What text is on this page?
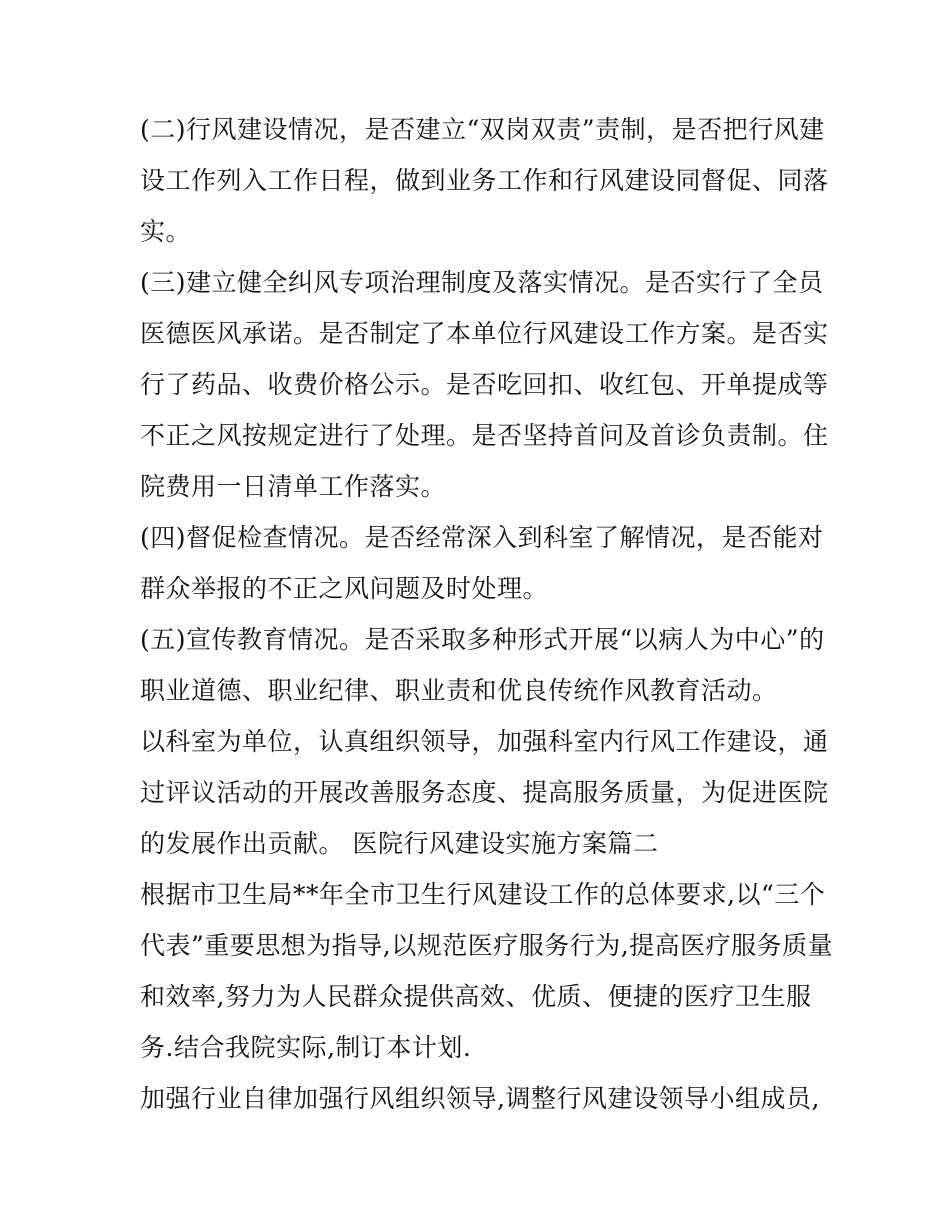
(二)行风建设情况，是否建立“双岗双责”责制，是否把行风建
设工作列入工作日程，做到业务工作和行风建设同督促、同落
实。

(三)建立健全纠风专项治理制度及落实情况。是否实行了全员
医德医风承诺。是否制定了本单位行风建设工作方案。是否实
行了药品、收费价格公示。是否吃回扣、收红包、开单提成等
不正之风按规定进行了处理。是否坚持首问及首诊负责制。住
院费用一日清单工作落实。

(四)督促检查情况。是否经常深入到科室了解情况，是否能对
群众举报的不正之风问题及时处理。

(五)宣传教育情况。是否采取多种形式开展“以病人为中心”的
职业道德、职业纪律、职业责和优良传统作风教育活动。

以科室为单位，认真组织领导，加强科室内行风工作建设，通
过评议活动的开展改善服务态度、提高服务质量，为促进医院
的发展作出贡献。 医院行风建设实施方案篇二

根据市卫生局**年全市卫生行风建设工作的总体要求,以“三个
代表”重要思想为指导,以规范医疗服务行为,提高医疗服务质量
和效率,努力为人民群众提供高效、优质、便捷的医疗卫生服
务.结合我院实际,制订本计划.

加强行业自律加强行风组织领导,调整行风建设领导小组成员,
